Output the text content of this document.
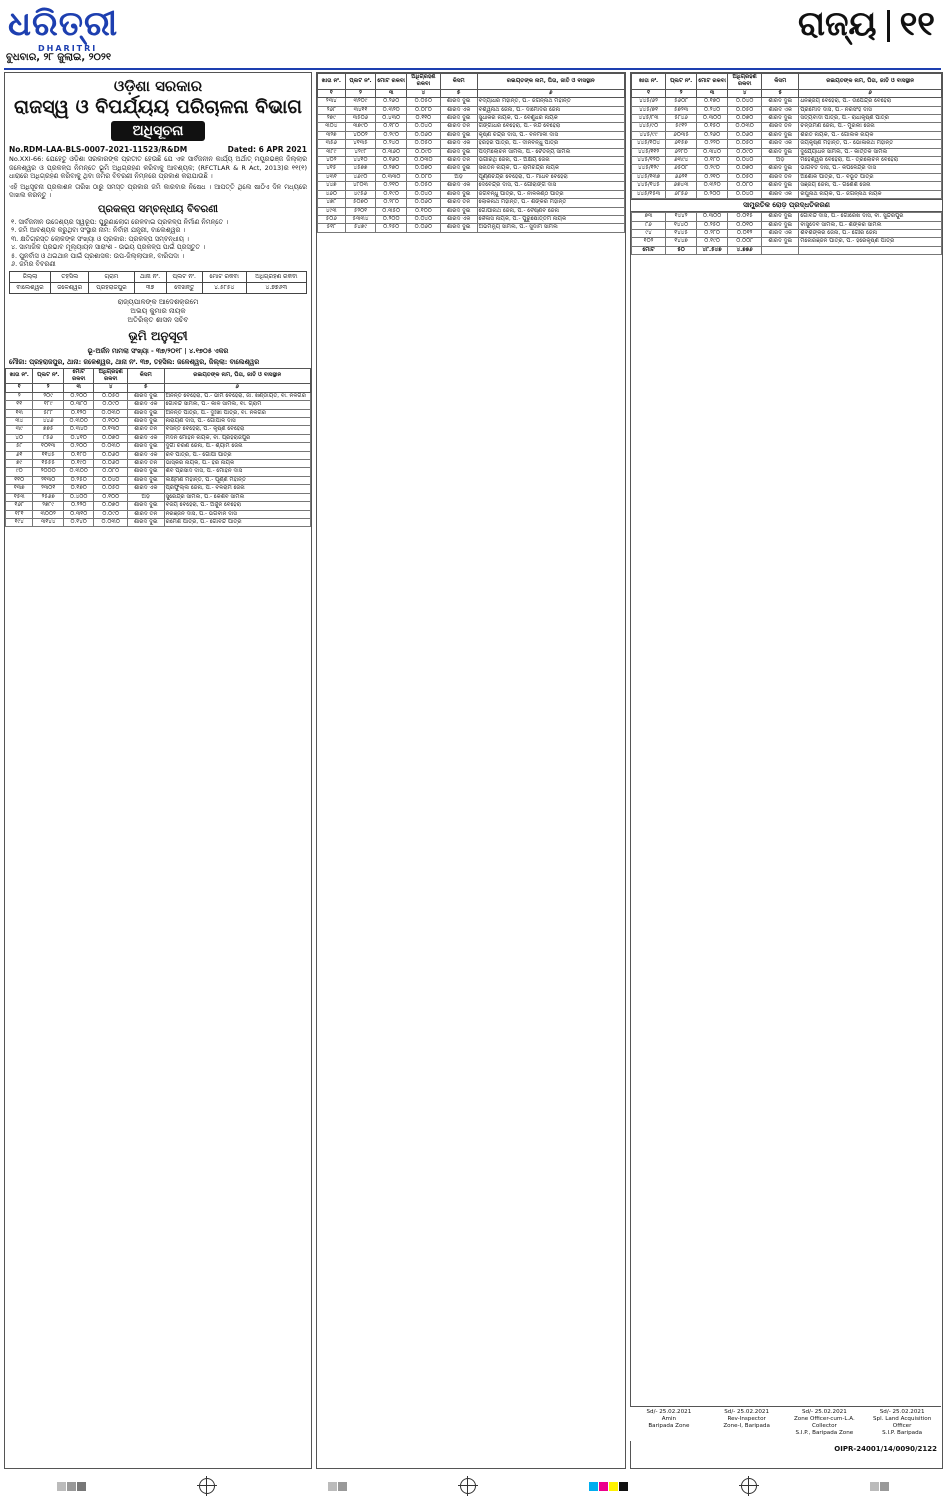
ଧରିତ୍ରୀ
DHARITRI
ବୁଧବାର, ୨୮ ଜୁଲାଇ, ୨୦୨୧
ରାଜ୍ୟ ୧୧
ଓଡ଼ିଶା ସରକାର
ରାଜସ୍ୱ ଓ ବିପର୍ଯ୍ୟୟ ପରିଚାଳନା ବିଭାଗ
ଅଧିସୂଚନା
No.RDM-LAA-BLS-0007-2021-11523/R&DM	Dated: 6 APR 2021
No.XXI-66: ଯେହେତୁ ଓଡ଼ିଶା ସରକାରଙ୍କ ପ୍ରତୀତ ହେଉଛି ଯେ ଏକ ସାର୍ବଜନୀନ କାର୍ଯ୍ୟ ଅର୍ଥାତ୍ ମୟୂରଭଞ୍ଜ ଜିଲ୍ଲାର ଜଳେଶ୍ୱର ଓ ପ୍ରକଳ୍ପ ନିମନ୍ତେ ଭୂମି ଅଧିଗ୍ରହଣ କରିବାକୁ ଆବଶ୍ୟକ; (RFCTLAR & R Act, 2013)ର ୧୧(୧) ଧାରାରେ ଅଧିଗ୍ରହଣ କରିବାକୁ ଥିବା ଜମିର ବିବରଣୀ ନିମ୍ନରେ ପ୍ରକାଶ କରାଯାଉଛି ।
ଏହି ଅଧିସୂଚନା ପ୍ରକାଶନ ତାରିଖ ଠାରୁ ସମସ୍ତ ପ୍ରକାର ଜମି କାରବାର ନିଷେଧ । ଆପତ୍ତି ଥିଲେ ଷାଠିଏ ଦିନ ମଧ୍ୟରେ ଦାଖଲ କରନ୍ତୁ ।
ପ୍ରକଳ୍ପ ସମ୍ବନ୍ଧୀୟ ବିବରଣୀ
୧. ସାର୍ବଜନୀନ ଉଦ୍ଦେଶ୍ୟର ସ୍ୱରୂପ: ପୁରୁଣାଲୋଗ ରେଳବାଇ ପ୍ରକଳ୍ପ ନିର୍ମାଣ ନିମନ୍ତେ ।
୨. ଜମି ଆବଶ୍ୟକ କରୁଥିବା ସଂସ୍ଥାର ନାମ: ନିର୍ବାହୀ ଯନ୍ତ୍ରୀ, ବାଲେଶ୍ୱର ।
୩. କ୍ଷତିଗ୍ରସ୍ତ ଲୋକଙ୍କ ସଂଖ୍ୟା ଓ ପ୍ରକାର: ପ୍ରକଳ୍ପ ସମ୍ବନ୍ଧୀୟ ।
୪. ସାମାଜିକ ପ୍ରଭାବ ମୂଲ୍ୟାୟନ ସାରାଂଶ - ଉଭୟ ପ୍ରକଳ୍ପ ପାଇଁ ପ୍ରସ୍ତୁତ ।
୫. ପୁନର୍ବାସ ଓ ଥଇଥାନ ପାଇଁ ପ୍ରଶାସକ: ଉପ-ଜିଲ୍ଲାପାଳ, ବାରିପଦା ।
୬. ଜମିର ବିବରଣୀ
ଜିଲ୍ଲା	ତହସିଲ	ଗ୍ରାମ	ଥାନା ନଂ.	ପ୍ଲଟ ନଂ.	ମୋଟ ରକବା	ଅଧିଗ୍ରହଣ ରକବା
ବାଲେଶ୍ୱର	ଜଳେଶ୍ୱର	ପ୍ରହରାଜପୁର	୩୭	ଦେଖନ୍ତୁ	୪.୫୮୫୪	୪.୭୭୬୩
ରାଜ୍ୟପାଳଙ୍କ ଆଦେଶକ୍ରମେ
ଅଭୟ କୁମାର ନାୟକ
ଅତିରିକ୍ତ ଶାସନ ସଚିବ
ଭୂମି ଅନୁସୂଚୀ
ଭୂ-ଅର୍ଜନ ମାମଲା ସଂଖ୍ୟା - ୩୭/୨୦୧୮ | ୪.୧୭୦୫ ଏକର
ମୌଜା: ପ୍ରହରାଜପୁର, ଥାନା: ଜଳେଶ୍ୱର, ଥାନା ନଂ. ୩୭, ତହସିଲ: ଜଳେଶ୍ୱର, ଜିଲ୍ଲା: ବାଲେଶ୍ୱର
ଖାତା ନଂ.	ପ୍ଲଟ ନଂ.	ମୋଟ ରକବା	ଅଧିଗ୍ରହଣ ରକବା	କିସମ	ରଇୟତଙ୍କ ନାମ, ପିତା, ଜାତି ଓ ବାସସ୍ଥାନ
୧	୨	୩	୪	୫	୬
୨	୨୦୯	୦.୨୦୦	୦.୦୫୦	ଶାରଦ ଦୁଇ	ଅନନ୍ତ ବେହେରା, ପି.- ଭୀମ ବେହେରା, ଜା. ଖଣ୍ଡାୟତ, ବା. ନିଳଗିରି
୧୧	୧୮୯	୦.୩୮୦	୦.୦୯୦	ଶାରଦ ଏକ	ଗୋବିନ୍ଦ ସାମଲ, ପି.- କାଳି ସାମଲ, ବା. ଗ୍ରାମ
୧୩	୫୮୮	୦.୧୨୦	୦.୦୩୦	ଶାରଦ ଦୁଇ	ଅନନ୍ତ ପାତ୍ର, ପି.- ଦୁଃଖୀ ପାତ୍ର, ବା. ନିଳଗିରି
୩୪	୪୪୬	୦.୩୦୦	୦.୧୦୦	ଶାରଦ ଦୁଇ	ନାରାୟଣ ଦାସ, ପି.- ଗୋପାଳ ଦାସ
୩୯	୭୭୫	୦.୩୪୦	୦.୧୩୦	ଶାରଦ ତିନି	ବସନ୍ତ ବେହେରା, ପି.- କୃଷ୍ଣ ବେହେରା
୪୦	୮୫୬	୦.୪୧୦	୦.୦୭୦	ଶାରଦ ଏକ	ମଦନ ମୋହନ ନାୟକ, ବା. ପ୍ରହରାଜପୁର
୫୮	୧୦୧୩	୦.୨୦୦	୦.୦୩୦	ଶାରଦ ଦୁଇ	ଦୁର୍ଗା ଚରଣ ଜେନା, ପି.- ଶ୍ୟାମ ଜେନା
୬୧	୧୧୪୫	୦.୧୮୦	୦.୦୬୦	ଶାରଦ ଏକ	ରବି ପାତ୍ର, ପି.- ଗୋପୀ ପାତ୍ର
୭୯	୧୫୫୫	୦.୧୯୦	୦.୦୬୦	ଶାରଦ ତିନି	ଭାସ୍କର ନାୟକ, ପି.- ହରି ନାୟକ
୯୦	୨୦୦୦	୦.୩୦୦	୦.୦୮୦	ଶାରଦ ଦୁଇ	ଶିବ ପ୍ରସାଦ ଦାସ, ପି.- ମୋହନ ଦାସ
୧୧୦	୨୧୩୦	୦.୨୫୦	୦.୦୪୦	ଶାରଦ ଦୁଇ	ଲକ୍ଷ୍ମଣ ମହାନ୍ତି, ପି.- ପୂର୍ଣ୍ଣ ମହାନ୍ତି
୧୩୭	୨୩୦୧	୦.୧୭୦	୦.୦୫୦	ଶାରଦ ଏକ	ପ୍ରଫୁଲ୍ଲ ଜେନା, ପି.- ବଳରାମ ଜେନା
୧୫୩	୨୫୬୭	୦.୪୦୦	୦.୧୦୦	ଅଡ଼ି	ସୁରେନ୍ଦ୍ର ସାମଲ, ପି.- କେଶବ ସାମଲ
୧୬୮	୨୭୮୯	୦.୨୨୦	୦.୦୭୦	ଶାରଦ ଦୁଇ	ବିଜୟ ବେହେରା, ପି.- ଅର୍ଜୁନ ବେହେରା
୧୮୧	୩୦୦୨	୦.୩୧୦	୦.୦୯୦	ଶାରଦ ତିନି	ନିରଞ୍ଜନ ଦାସ, ପି.- ଭଗବାନ ଦାସ
୧୯୪	୩୧୪୪	୦.୧୪୦	୦.୦୩୦	ଶାରଦ ଦୁଇ	ରମେଶ ପାତ୍ର, ପି.- ଗୋବିନ୍ଦ ପାତ୍ର
ଖାତା ନଂ.	ପ୍ଲଟ ନଂ.	ମୋଟ ରକବା	ଅଧିଗ୍ରହଣ ରକବା	କିସମ	ରଇୟତଙ୍କ ନାମ, ପିତା, ଜାତି ଓ ବାସସ୍ଥାନ
୧	୨	୩	୪	୫	୬
୨୩୪	୩୨୦୯	୦.୨୬୦	୦.୦୫୦	ଶାରଦ ଦୁଇ	ବିଦ୍ୟାଧର ମହାନ୍ତି, ପି.- ଜଗନ୍ନାଥ ମହାନ୍ତି
୨୬୮	୩୪୧୧	୦.୩୨୦	୦.୦୮୦	ଶାରଦ ଏକ	ବିଶ୍ୱନାଥ ଜେନା, ପି.- ଦାମୋଦର ଜେନା
୨୭୯	୩୫୦୬	୦.୪୩୦	୦.୧୧୦	ଶାରଦ ଦୁଇ	ସୁଧାକର ନାୟକ, ପି.- ବେଣୁଧର ନାୟକ
୩୦୪	୩୭୯୦	୦.୧୮୦	୦.୦୪୦	ଶାରଦ ତିନି	ଗଙ୍ଗାଧର ବେହେରା, ପି.- ନନ୍ଦ ବେହେରା
୩୨୭	୪୦୦୨	୦.୨୯୦	୦.୦୬୦	ଶାରଦ ଦୁଇ	କୃଷ୍ଣ ଚନ୍ଦ୍ର ଦାସ, ପି.- ବନମାଳୀ ଦାସ
୩୫୬	୪୧୩୫	୦.୨୪୦	୦.୦୫୦	ଶାରଦ ଏକ	ହରିହର ପାତ୍ର, ପି.- ଦୀନବନ୍ଧୁ ପାତ୍ର
୩୮୯	୪୨୯୮	୦.୩୬୦	୦.୦୯୦	ଶାରଦ ଦୁଇ	ପଦ୍ମଲୋଚନ ସାମଲ, ପି.- ଚୈତନ୍ୟ ସାମଲ
୪୦୨	୪୪୧୦	୦.୧୬୦	୦.୦୩୦	ଶାରଦ ତିନି	ଭଗୀରଥି ଜେନା, ପି.- ଅକ୍ଷୟ ଜେନା
୪୧୫	୪୫୭୭	୦.୨୭୦	୦.୦୭୦	ଶାରଦ ଦୁଇ	ସନାତନ ନାୟକ, ପି.- ରାମଚନ୍ଦ୍ର ନାୟକ
୪୩୧	୪୬୯୦	୦.୩୩୦	୦.୦୮୦	ଅଡ଼ି	ପୂର୍ଣ୍ଣଚନ୍ଦ୍ର ବେହେରା, ପି.- ମାଧବ ବେହେରା
୪୪୭	୪୮୦୩	୦.୨୧୦	୦.୦୫୦	ଶାରଦ ଏକ	ଦେବେନ୍ଦ୍ର ଦାସ, ପି.- ଗୌରାଙ୍ଗ ଦାସ
୪୬୦	୪୯୫୬	୦.୧୯୦	୦.୦୪୦	ଶାରଦ ଦୁଇ	ଜଗବନ୍ଧୁ ପାତ୍ର, ପି.- ନୀଳକଣ୍ଠ ପାତ୍ର
୪୭୮	୫୦୭୦	୦.୨୮୦	୦.୦୬୦	ଶାରଦ ତିନି	ଲୋକନାଥ ମହାନ୍ତି, ପି.- ଶଙ୍କର ମହାନ୍ତି
୪୯୩	୫୨୦୧	୦.୩୫୦	୦.୧୦୦	ଶାରଦ ଦୁଇ	ଗୋପୀନାଥ ଜେନା, ପି.- ବୈଷ୍ଣବ ଜେନା
୫୦୬	୫୩୩୪	୦.୨୦୦	୦.୦୪୦	ଶାରଦ ଏକ	କୈଳାସ ନାୟକ, ପି.- ପୁରୁଷୋତ୍ତମ ନାୟକ
୫୧୮	୫୪୭୯	୦.୨୫୦	୦.୦୬୦	ଶାରଦ ଦୁଇ	ଅଭିମନ୍ୟୁ ସାମଲ, ପି.- ସୁଦାମ ସାମଲ
ଖାତା ନଂ.	ପ୍ଲଟ ନଂ.	ମୋଟ ରକବା	ଅଧିଗ୍ରହଣ ରକବା	କିସମ	ରଇୟତଙ୍କ ନାମ, ପିତା, ଜାତି ଓ ବାସସ୍ଥାନ
୧	୨	୩	୪	୫	୬
୪୪୫/୬୨	୫୬୦୮	୦.୧୭୦	୦.୦୪୦	ଶାରଦ ଦୁଇ	ଧନଞ୍ଜୟ ବେହେରା, ପି.- ଉପେନ୍ଦ୍ର ବେହେରା
୪୪୫/୭୧	୫୭୨୩	୦.୨୪୦	୦.୦୫୦	ଶାରଦ ଏକ	ପ୍ରମୋଦ ଦାସ, ପି.- ନରସିଂହ ଦାସ
୪୪୫/୮୩	୫୮୪୬	୦.୩୦୦	୦.୦୭୦	ଶାରଦ ଦୁଇ	ସତ୍ୟବାଦୀ ପାତ୍ର, ପି.- ରାଧାକୃଷ୍ଣ ପାତ୍ର
୪୪୫/୯୦	୫୯୧୨	୦.୧୫୦	୦.୦୩୦	ଶାରଦ ତିନି	ଚିନ୍ତାମଣି ଜେନା, ପି.- ମୁରଲୀ ଜେନା
୪୪୫/୯୯	୬୦୩୫	୦.୨୬୦	୦.୦୬୦	ଶାରଦ ଦୁଇ	ଶରତ ନାୟକ, ପି.- ଗୋଲକ ନାୟକ
୪୪୫/୧୦୪	୬୧୫୭	୦.୨୨୦	୦.୦୫୦	ଶାରଦ ଏକ	ଜୟକୃଷ୍ଣ ମହାନ୍ତି, ପି.- ଭୋଳାନାଥ ମହାନ୍ତି
୪୪୫/୧୧୨	୬୨୮୦	୦.୩୪୦	୦.୦୯୦	ଶାରଦ ଦୁଇ	ଦୁର୍ଯ୍ୟୋଧନ ସାମଲ, ପି.- କାର୍ତ୍ତିକ ସାମଲ
୪୪୫/୧୨୦	୬୩୯୪	୦.୧୮୦	୦.୦୪୦	ଅଡ଼ି	ମହେଶ୍ୱର ବେହେରା, ପି.- ତ୍ରିଲୋଚନ ବେହେରା
୪୪୫/୧୨୯	୬୫୦୮	୦.୨୯୦	୦.୦୭୦	ଶାରଦ ଦୁଇ	ଭାଗବତ ଦାସ, ପି.- କପିଳେନ୍ଦ୍ର ଦାସ
୪୪୫/୧୩୭	୬୬୨୧	୦.୨୧୦	୦.୦୫୦	ଶାରଦ ତିନି	ଅଶୋକ ପାତ୍ର, ପି.- ବିଭୂତି ପାତ୍ର
୪୪୫/୧୪୫	୬୭୪୩	୦.୩୨୦	୦.୦୮୦	ଶାରଦ ଦୁଇ	ସଞ୍ଜୟ ଜେନା, ପି.- ଗଣେଶ ଜେନା
୪୪୫/୧୫୩	୬୮୫୬	୦.୨୦୦	୦.୦୪୦	ଶାରଦ ଏକ	ରଘୁନାଥ ନାୟକ, ପି.- ଜଗନ୍ନାଥ ନାୟକ
ସାମ୍ପ୍ରତିକ ରୋଡ଼ ପ୍ରଦ୍ଧତିକରଣ
୭୩	୧୪୪୨	୦.୩୦୦	୦.୦୧୫	ଶାରଦ ଦୁଇ	ଗୋବିନ୍ଦ ଦାସ, ପି.- ଗୋରେଖ ଦାସ, ବା. ସୁନ୍ଦରପୁର
୮୬	୧୪୪୦	୦.୨୫୦	୦.୦୧୦	ଶାରଦ ଦୁଇ	ବାସୁଦେବ ସାମଲ, ପି.- ଶଙ୍କର ସାମଲ
୯୪	୧୪୪୫	୦.୨୮୦	୦.୦୧୨	ଶାରଦ ଏକ	ଶିବଶଙ୍କର ଜେନା, ପି.- ଗୌର ଜେନା
୧୦୨	୧୪୪୭	୦.୧୯୦	୦.୦୦୮	ଶାରଦ ଦୁଇ	ମନୋରଞ୍ଜନ ପାତ୍ର, ପି.- ହରେକୃଷ୍ଣ ପାତ୍ର
ମୋଟ	୫୦	୪୮.୫୪୭	୪.୭୭୬		
Sd/- 25.02.2021
Amin
Baripada Zone
Sd/- 25.02.2021
Rev-Inspector
Zone-I, Baripada
Sd/- 25.02.2021
Zone Officer-cum-L.A. Collector
S.I.P., Baripada Zone
Sd/- 25.02.2021
Spl. Land Acquisition Officer
S.I.P. Baripada
OIPR-24001/14/0090/2122
